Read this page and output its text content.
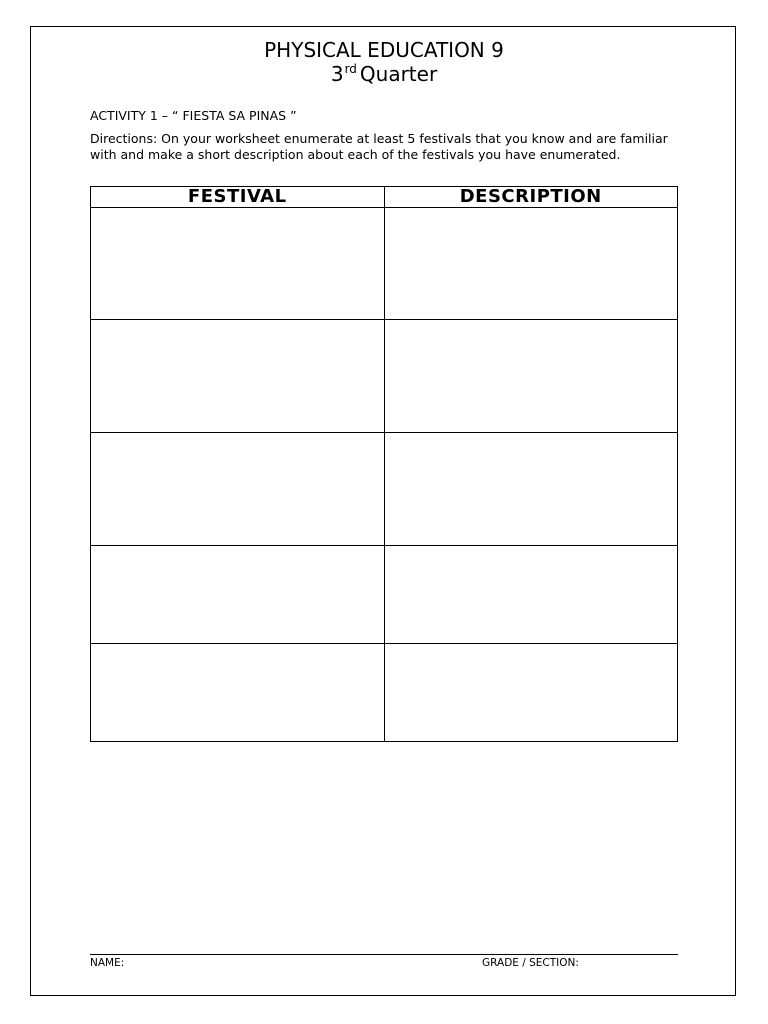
PHYSICAL EDUCATION 9
3rd Quarter
ACTIVITY 1 – “ FIESTA SA PINAS ”
Directions: On your worksheet enumerate at least 5 festivals that you know and are familiar with and make a short description about each of the festivals you have enumerated.
FESTIVAL	DESCRIPTION

NAME:	GRADE / SECTION:
